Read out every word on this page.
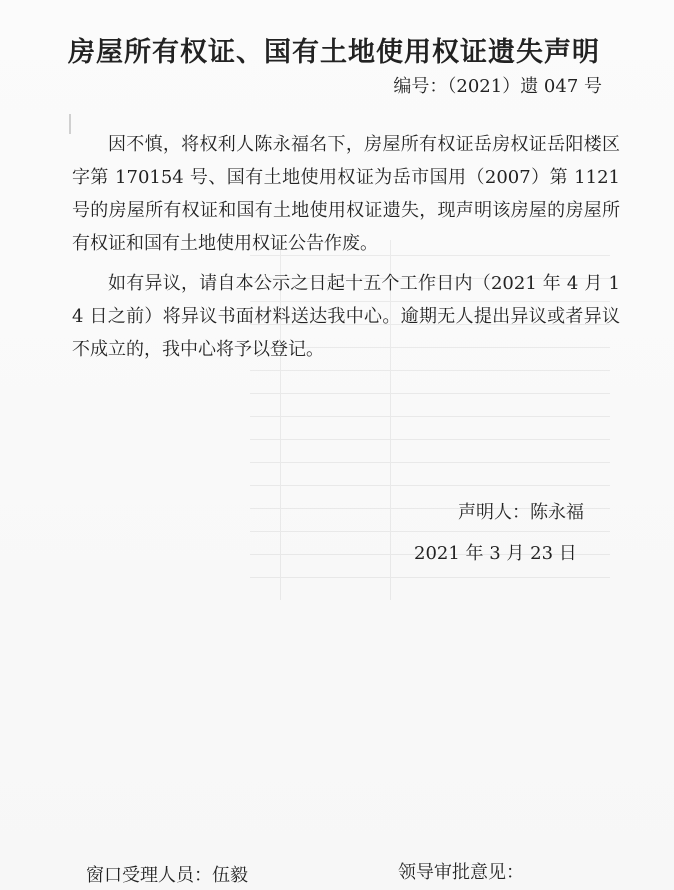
房屋所有权证、国有土地使用权证遗失声明
编号：（2021）遗 047 号

因不慎，将权利人陈永福名下，房屋所有权证岳房权证岳阳楼区字第 170154 号、国有土地使用权证为岳市国用（2007）第 1121 号的房屋所有权证和国有土地使用权证遗失，现声明该房屋的房屋所有权证和国有土地使用权证公告作废。

如有异议，请自本公示之日起十五个工作日内（2021 年 4 月 14 日之前）将异议书面材料送达我中心。逾期无人提出异议或者异议不成立的，我中心将予以登记。

声明人：陈永福
2021 年 3 月 23 日
窗口受理人员：伍毅	领导审批意见：
